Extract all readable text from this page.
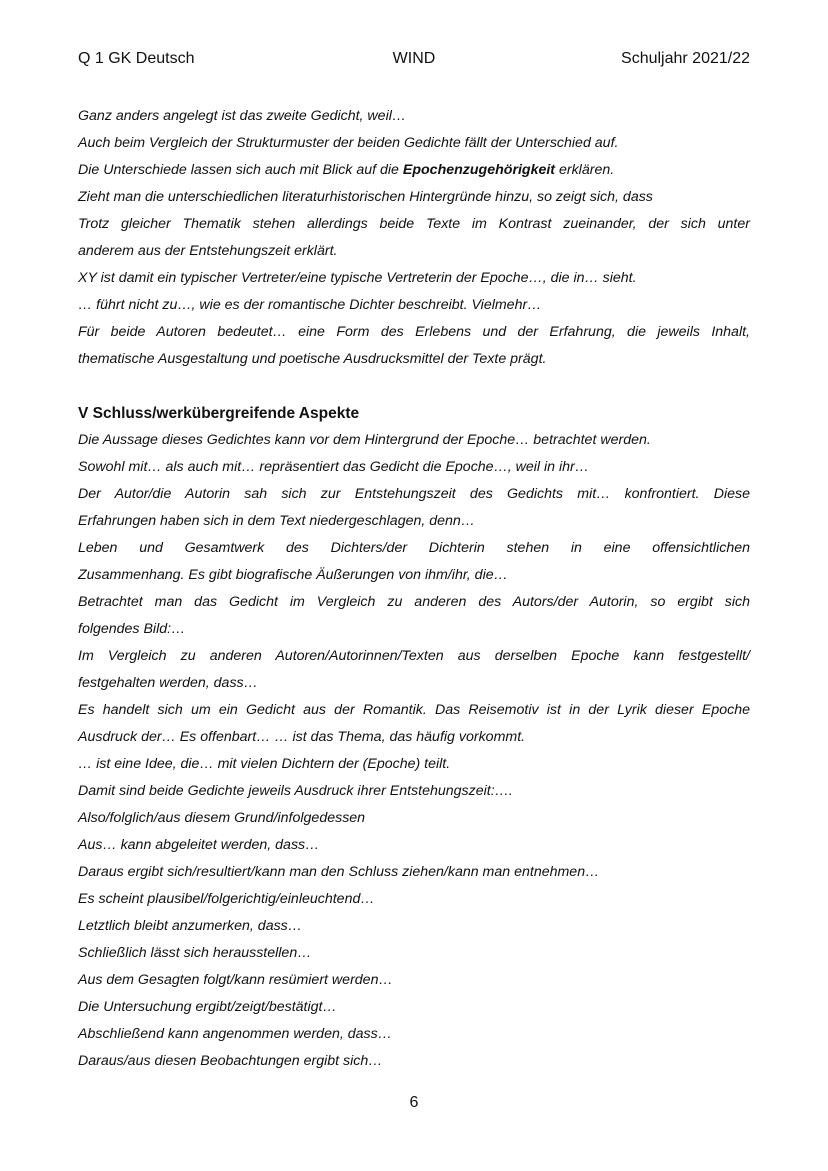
Q 1 GK Deutsch	WIND	Schuljahr 2021/22
Ganz anders angelegt ist das zweite Gedicht, weil…
Auch beim Vergleich der Strukturmuster der beiden Gedichte fällt der Unterschied auf.
Die Unterschiede lassen sich auch mit Blick auf die Epochenzugehörigkeit erklären.
Zieht man die unterschiedlichen literaturhistorischen Hintergründe hinzu, so zeigt sich, dass
Trotz gleicher Thematik stehen allerdings beide Texte im Kontrast zueinander, der sich unter
anderem aus der Entstehungszeit erklärt.
XY ist damit ein typischer Vertreter/eine typische Vertreterin der Epoche…, die in… sieht.
… führt nicht zu…, wie es der romantische Dichter beschreibt. Vielmehr…
Für beide Autoren bedeutet… eine Form des Erlebens und der Erfahrung, die jeweils Inhalt,
thematische Ausgestaltung und poetische Ausdrucksmittel der Texte prägt.
V Schluss/werkübergreifende Aspekte
Die Aussage dieses Gedichtes kann vor dem Hintergrund der Epoche… betrachtet werden.
Sowohl mit… als auch mit… repräsentiert das Gedicht die Epoche…, weil in ihr…
Der Autor/die Autorin sah sich zur Entstehungszeit des Gedichts mit… konfrontiert. Diese
Erfahrungen haben sich in dem Text niedergeschlagen, denn…
Leben und Gesamtwerk des Dichters/der Dichterin stehen in eine offensichtlichen
Zusammenhang. Es gibt biografische Äußerungen von ihm/ihr, die…
Betrachtet man das Gedicht im Vergleich zu anderen des Autors/der Autorin, so ergibt sich
folgendes Bild:…
Im Vergleich zu anderen Autoren/Autorinnen/Texten aus derselben Epoche kann festgestellt/
festgehalten werden, dass…
Es handelt sich um ein Gedicht aus der Romantik. Das Reisemotiv ist in der Lyrik dieser Epoche
Ausdruck der… Es offenbart… … ist das Thema, das häufig vorkommt.
… ist eine Idee, die… mit vielen Dichtern der (Epoche) teilt.
Damit sind beide Gedichte jeweils Ausdruck ihrer Entstehungszeit:….
Also/folglich/aus diesem Grund/infolgedessen
Aus… kann abgeleitet werden, dass…
Daraus ergibt sich/resultiert/kann man den Schluss ziehen/kann man entnehmen…
Es scheint plausibel/folgerichtig/einleuchtend…
Letztlich bleibt anzumerken, dass…
Schließlich lässt sich herausstellen…
Aus dem Gesagten folgt/kann resümiert werden…
Die Untersuchung ergibt/zeigt/bestätigt…
Abschließend kann angenommen werden, dass…
Daraus/aus diesen Beobachtungen ergibt sich…
6
